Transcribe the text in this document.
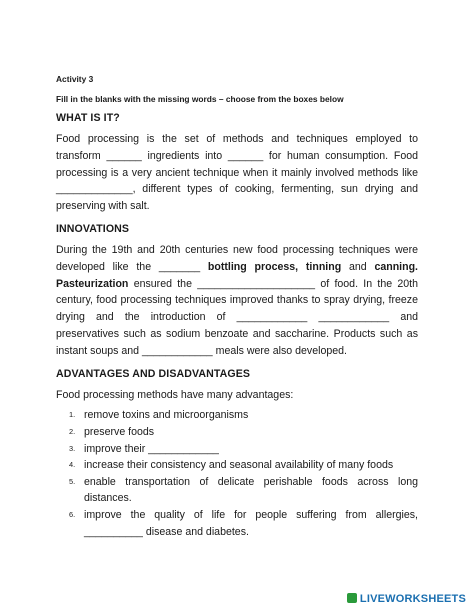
Activity 3
Fill in the blanks with the missing words – choose from the boxes below
WHAT IS IT?

Food processing is the set of methods and techniques employed to transform ______ ingredients into ______ for human consumption. Food processing is a very ancient technique when it mainly involved methods like _____________, different types of cooking, fermenting, sun drying and preserving with salt.

INNOVATIONS

During the 19th and 20th centuries new food processing techniques were developed like the _______ bottling process, tinning and canning. Pasteurization ensured the ____________________ of food. In the 20th century, food processing techniques improved thanks to spray drying, freeze drying and the introduction of ____________ ____________ and preservatives such as sodium benzoate and saccharine. Products such as instant soups and ____________ meals were also developed.

ADVANTAGES AND DISADVANTAGES

Food processing methods have many advantages:

1. remove toxins and microorganisms
2. preserve foods
3. improve their ____________
4. increase their consistency and seasonal availability of many foods
5. enable transportation of delicate perishable foods across long distances.
6. improve the quality of life for people suffering from allergies, __________ disease and diabetes.
LIVEWORKSHEETS
